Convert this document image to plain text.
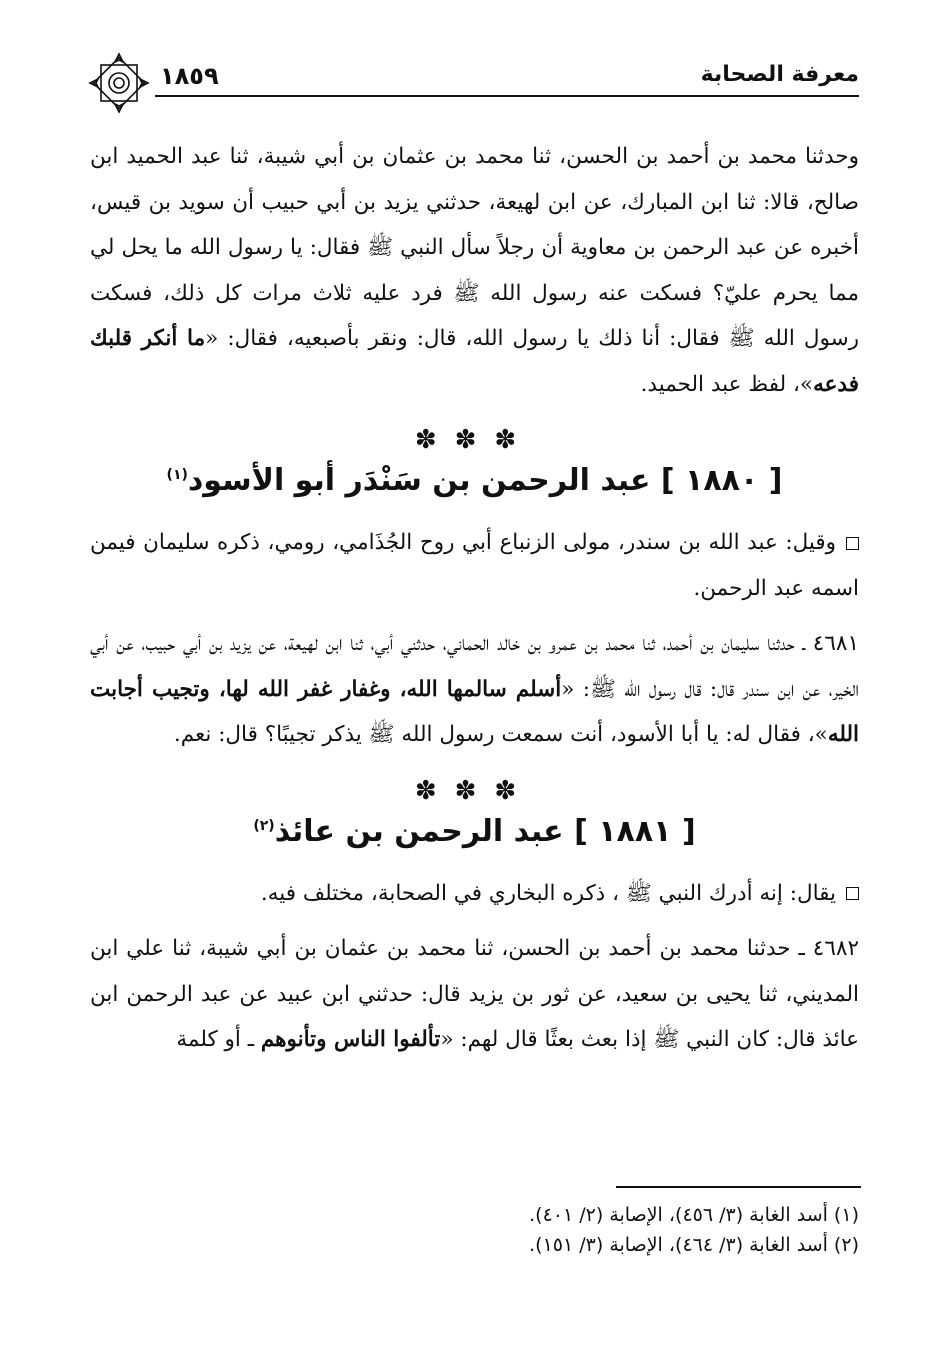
معرفة الصحابة
١٨٥٩

وحدثنا محمد بن أحمد بن الحسن، ثنا محمد بن عثمان بن أبي شيبة، ثنا عبد الحميد ابن صالح، قالا: ثنا ابن المبارك، عن ابن لهيعة، حدثني يزيد بن أبي حبيب أن سويد بن قيس، أخبره عن عبد الرحمن بن معاوية أن رجلاً سأل النبي ﷺ فقال: يا رسول الله ما يحل لي مما يحرم عليّ؟ فسكت عنه رسول الله ﷺ فرد عليه ثلاث مرات كل ذلك، فسكت رسول الله ﷺ فقال: أنا ذلك يا رسول الله، قال: ونقر بأصبعيه، فقال: «ما أنكر قلبك فدعه»، لفظ عبد الحميد.

✽✽✽
[ ١٨٨٠ ] عبد الرحمن بن سَنْدَر أبو الأسود$^{(١)}$

وقيل: عبد الله بن سندر، مولى الزنباع أبي روح الجُذَامي، رومي، ذكره سليمان فيمن اسمه عبد الرحمن.

٤٦٨١ ـ حدثنا سليمان بن أحمد، ثنا محمد بن عمرو بن خالد الحماني، حدثني أبي، ثنا ابن لهيعة، عن يزيد بن أبي حبيب، عن أبي الخير، عن ابن سندر قال: قال رسول الله ﷺ: «أسلم سالمها الله، وغفار غفر الله لها، وتجيب أجابت الله»، فقال له: يا أبا الأسود، أنت سمعت رسول الله ﷺ يذكر تجيبًا؟ قال: نعم.

✽✽✽
[ ١٨٨١ ] عبد الرحمن بن عائذ$^{(٢)}$

يقال: إنه أدرك النبي ﷺ ، ذكره البخاري في الصحابة، مختلف فيه.

٤٦٨٢ ـ حدثنا محمد بن أحمد بن الحسن، ثنا محمد بن عثمان بن أبي شيبة، ثنا علي ابن المديني، ثنا يحيى بن سعيد، عن ثور بن يزيد قال: حدثني ابن عبيد عن عبد الرحمن ابن عائذ قال: كان النبي ﷺ إذا بعث بعثًا قال لهم: «تألفوا الناس وتأنوهم ـ أو كلمة

(١) أسد الغابة (٣/ ٤٥٦)، الإصابة (٢/ ٤٠١).
(٢) أسد الغابة (٣/ ٤٦٤)، الإصابة (٣/ ١٥١).
